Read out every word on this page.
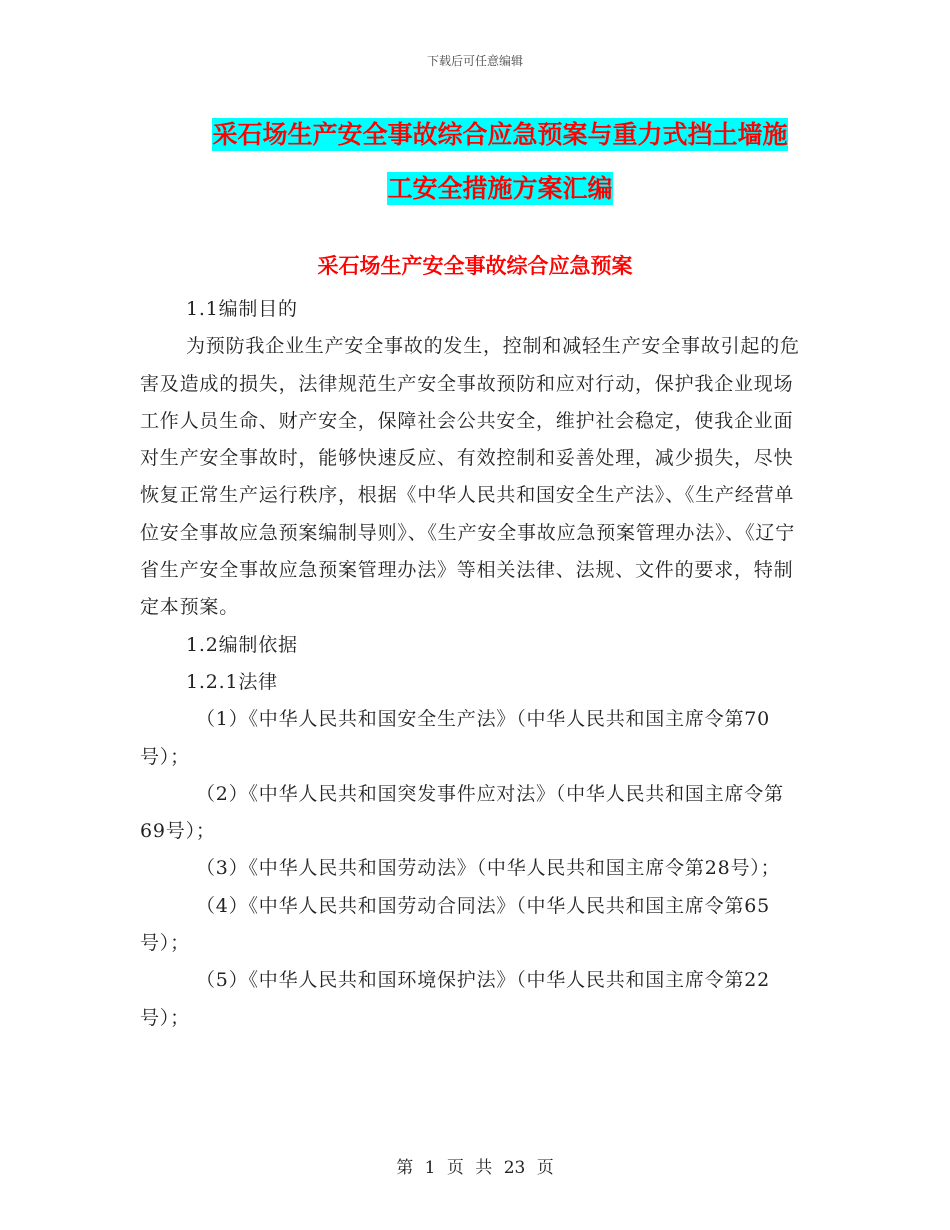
下载后可任意编辑
采石场生产安全事故综合应急预案与重力式挡土墙施
工安全措施方案汇编
采石场生产安全事故综合应急预案

1.1编制目的

为预防我企业生产安全事故的发生，控制和减轻生产安全事故引起的危害及造成的损失，法律规范生产安全事故预防和应对行动，保护我企业现场工作人员生命、财产安全，保障社会公共安全，维护社会稳定，使我企业面对生产安全事故时，能够快速反应、有效控制和妥善处理，减少损失，尽快恢复正常生产运行秩序，根据《中华人民共和国安全生产法》、《生产经营单位安全事故应急预案编制导则》、《生产安全事故应急预案管理办法》、《辽宁省生产安全事故应急预案管理办法》等相关法律、法规、文件的要求，特制定本预案。

1.2编制依据

1.2.1法律

（1）《中华人民共和国安全生产法》（中华人民共和国主席令第70号）；

（2）《中华人民共和国突发事件应对法》（中华人民共和国主席令第69号）；

（3）《中华人民共和国劳动法》（中华人民共和国主席令第28号）；

（4）《中华人民共和国劳动合同法》（中华人民共和国主席令第65号）；

（5）《中华人民共和国环境保护法》（中华人民共和国主席令第22号）；

第 1 页 共 23 页
